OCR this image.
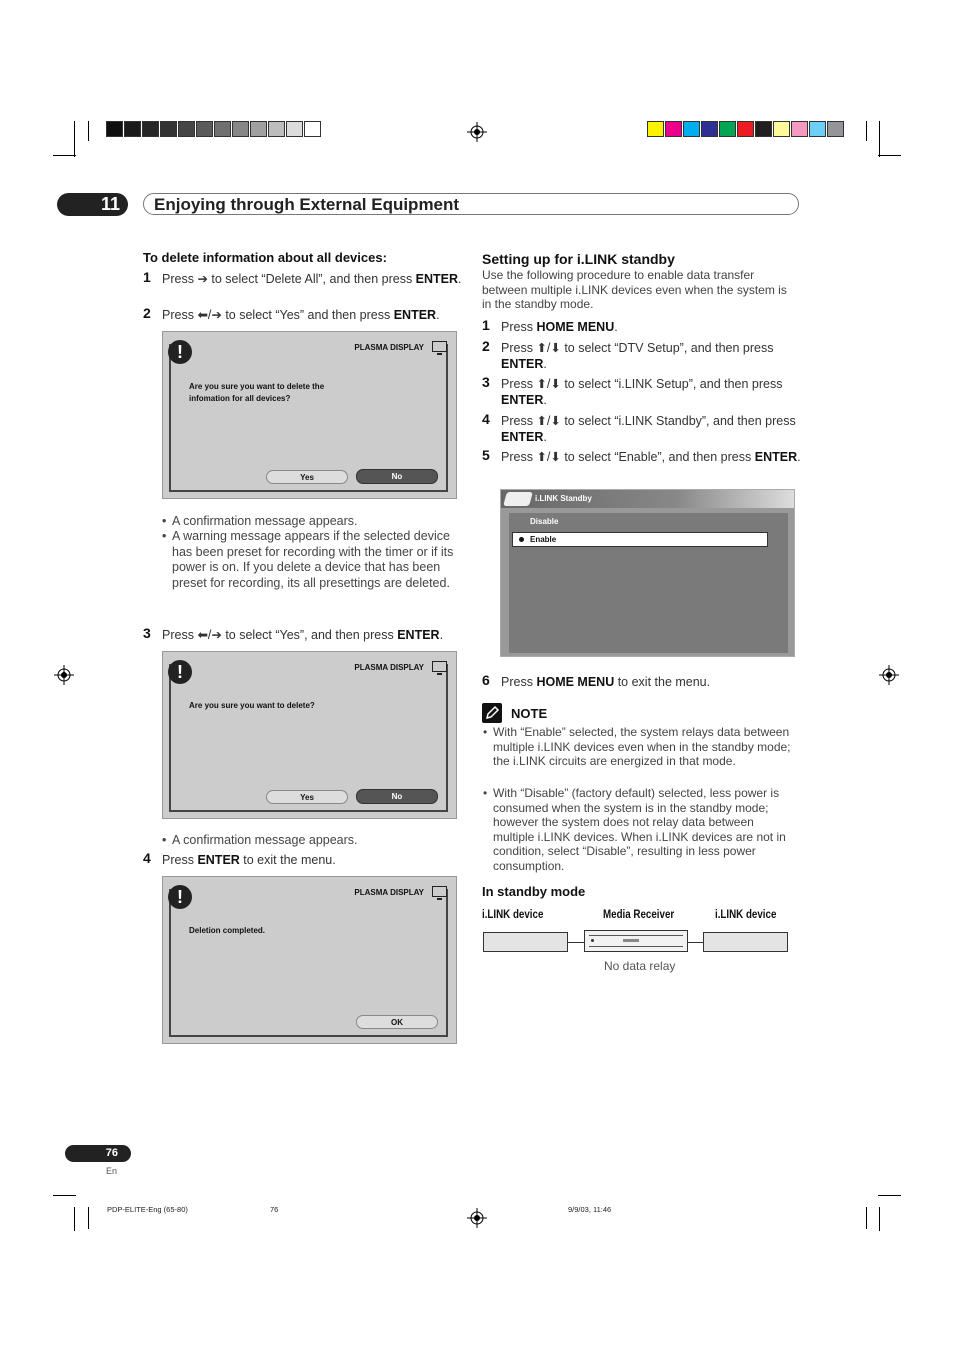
11	Enjoying through External Equipment
To delete information about all devices:
1 Press ➔ to select “Delete All”, and then press ENTER.
2 Press ⬅/➔ to select “Yes” and then press ENTER.
!	PLASMA DISPLAY
Are you sure you want to delete the
infomation for all devices?
Yes	No
• A confirmation message appears.
• A warning message appears if the selected device has been preset for recording with the timer or if its power is on. If you delete a device that has been preset for recording, its all presettings are deleted.
3 Press ⬅/➔ to select “Yes”, and then press ENTER.
!	PLASMA DISPLAY
Are you sure you want to delete?
Yes	No
• A confirmation message appears.
4 Press ENTER to exit the menu.
!	PLASMA DISPLAY
Deletion completed.
OK
Setting up for i.LINK standby
Use the following procedure to enable data transfer between multiple i.LINK devices even when the system is in the standby mode.
1 Press HOME MENU.
2 Press ⬆/⬇ to select “DTV Setup”, and then press ENTER.
3 Press ⬆/⬇ to select “i.LINK Setup”, and then press ENTER.
4 Press ⬆/⬇ to select “i.LINK Standby”, and then press ENTER.
5 Press ⬆/⬇ to select “Enable”, and then press ENTER.
i.LINK Standby
Disable
Enable
6 Press HOME MENU to exit the menu.
NOTE
• With “Enable” selected, the system relays data between multiple i.LINK devices even when in the standby mode; the i.LINK circuits are energized in that mode.
• With “Disable” (factory default) selected, less power is consumed when the system is in the standby mode; however the system does not relay data between multiple i.LINK devices. When i.LINK devices are not in condition, select “Disable”, resulting in less power consumption.
In standby mode
i.LINK device	Media Receiver	i.LINK device
No data relay
76
En
PDP-ELITE-Eng (65-80)	76	9/9/03, 11:46
